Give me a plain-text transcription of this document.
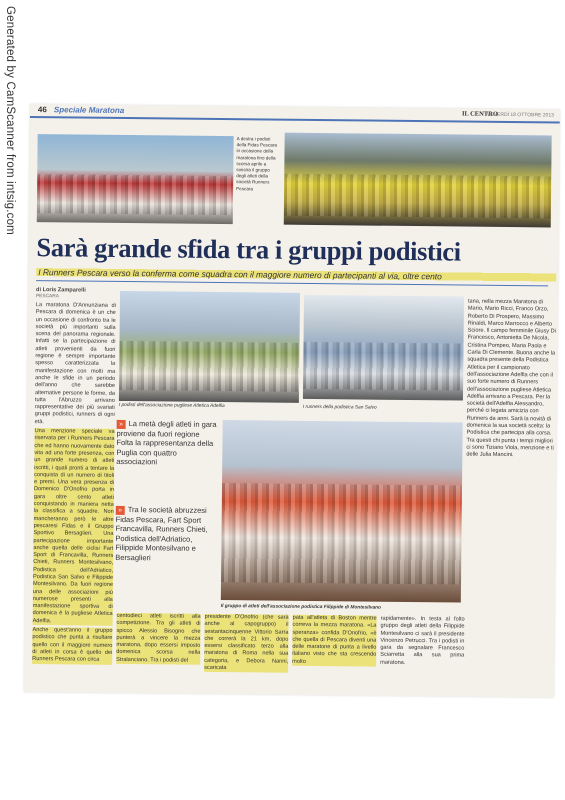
Generated by CamScanner from intsig.com	46 Speciale Maratona	IL CENTRO
VENERDÌ 18 OTTOBRE 2013
A destra i podisti della Fidas Pescara in occasione della maratona fino della scorsa aprile a sinistra il gruppo degli atleti della società Runners Pescara
Sarà grande sfida tra i gruppi podistici
I Runners Pescara verso la conferma come squadra con il maggiore numero di partecipanti al via, oltre cento
di Loris Zamparelli
PESCARA

La maratona D'Annunziana di Pescara di domenica è un che un occasione di confronto tra le società più importanti sulla scena del panorama regionale. Infatti se la partecipazione di atleti provenienti da fuori regione è sempre importante spesso caratterizzata la manifestazione con molti ma anche le sfide in un periodo dell'anno che sarebbe alternative persone le forme, da tutta l'Abruzzo arrivano rappresentative dei più svariati gruppi podistici, runners di ogni età.

Una menzione speciale va riservata per i Runners Pescara che ed hanno nuovamente dato vita ad una forte presenza, con un grande numero di atleti iscritti, i quali pronti a tentare la conquista di un numero di titoli e premi. Una vera presenza di Domenico D'Onofrio porta in gara oltre cento atleti conquistando in maniera netta la classifica a squadre. Non mancheranno però le altre pescaresi Fidas e il Gruppo Sportivo Bersaglieri. Una partecipazione importante anche quella delle ciclisi Fart Sport di Francavilla, Runners Chieti, Runners Montesilvano, Podistica dell'Adriatico, Podistica San Salvo e Filippide Montesilvano. Da fuori regione una delle associazioni più numerose presenti alla manifestazione sportiva di domenica è la pugliese Atletica Adelfia.

Anche quest'anno il gruppo podistico che punta a risultare quello con il maggiore numero di atleti in corsa è quello dei Runners Pescara con circa

I podisti dell'associazione pugliese Atletica Adelfia	I runners della podistica San Salvo
» La metà degli atleti in gara proviene da fuori regione Folta la rappresentanza della Puglia con quattro associazioni
» Tra le società abruzzesi Fidas Pescara, Fart Sport Francavilla, Runners Chieti, Podistica dell'Adriatico, Filippide Montesilvano e Bersaglieri
Il gruppo di atleti dell'associazione podistica Filippide di Montesilvano
tana, nella mezza Maratona di Mario, Mario Ricci, Franco Orzo, Roberto Di Prospero, Massimo Rinaldi, Marco Marrocco e Alberto Sciore. Il campo femminile Giusy Di Francesco, Antonietta De Nicola, Cristina Pompeo, Maria Paola e Carla Di Clemente. Buona anche la squadra presente della Podistica Atletica per il campionato dell'associazione Adelfia che con il suo forte numero di Runners dell'associazione pugliese Atletica Adelfia arrivano a Pescara. Per la società dell'Adelfia Alessandro, perché ci legata amicizia con Runners da anni. Sarà la novità di domenica la sua società scelta: la Podistica che partecipa alla corsa. Tra questi chi punta i tempi migliori ci sono Tiziano Viola, menzione e ti delle Julia Mancini.
centodieci atleti iscritti alla competizione. Tra gli atleti di spicco Alessio Bisogno che punterà a vincere la mezza maratona, dopo essersi imposto domenica scorsa nella Stralanciano. Tra i podisti del
presidente D'Onofrio (che sarà anche al capogruppo) il sestantacinquenne Vittorio Sarra che correrà la 21 km, dopo essersi classificato terzo alla maratona di Roma nella sua categoria, e Debora Nanni, scaricata
pata all'atleta di Boston mentre correva la mezza maratona. «La speranza» confida D'Onofrio, «è che quella di Pescara diventi una delle maratone di punta a livello italiano visto che sta crescendo molto
rapidamente». In testa al folto gruppo degli atleti della Filippide Montesilvano ci sarà il presidente Vincenzo Petrucci. Tra i podisti in gara da segnalare Francesco Sciarretta alla sua prima maratona.
